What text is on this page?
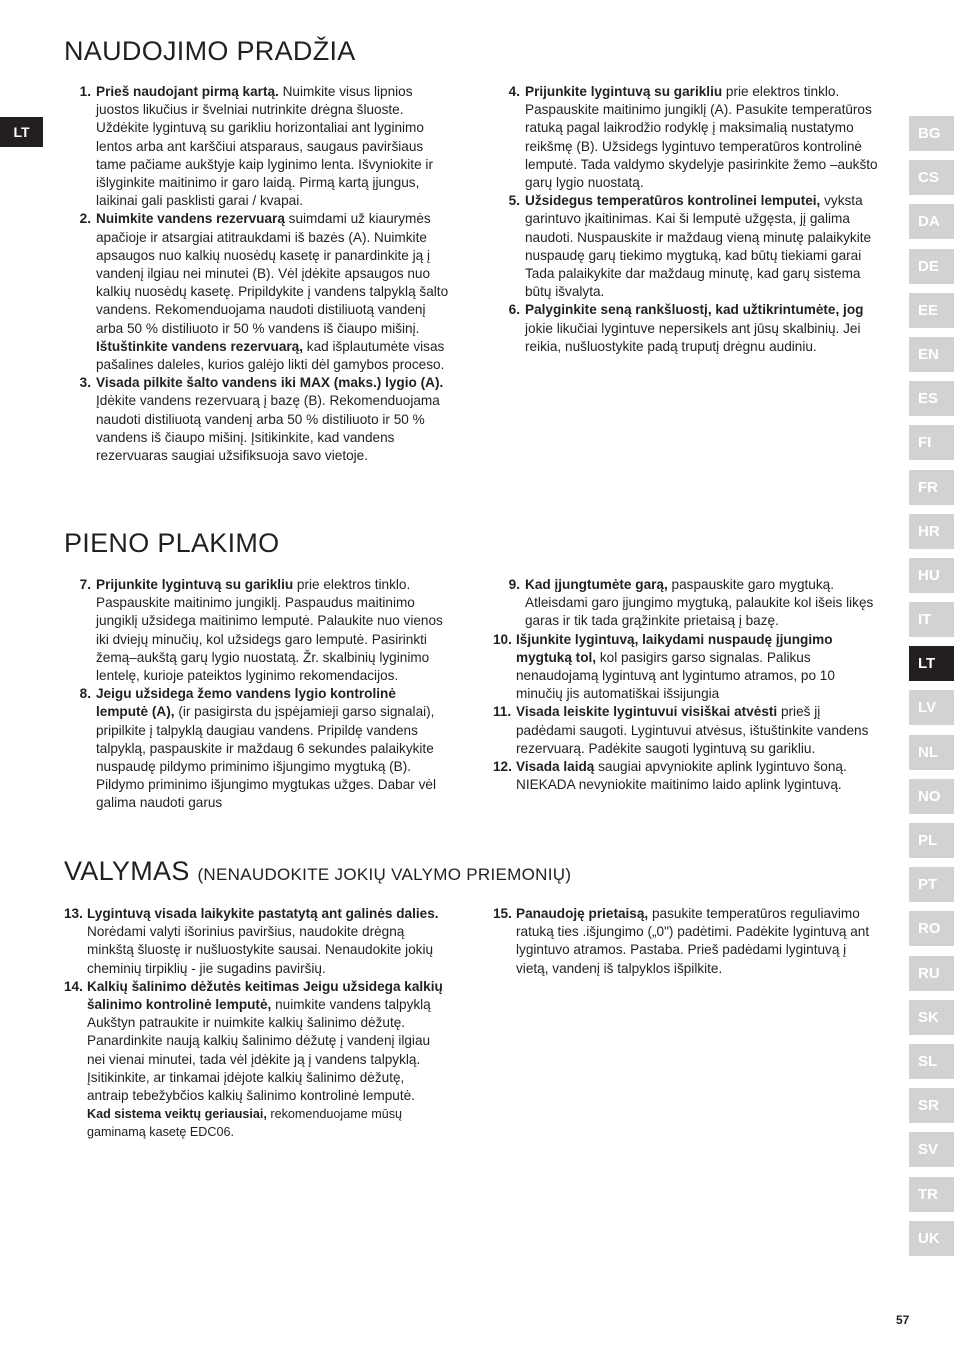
LT	BG
CS
DA
DE
EE
EN
ES
FI
FR
HR
HU
IT
LT
LV
NL
NO
PL
PT
RO
RU
SK
SL
SR
SV
TR
UK
NAUDOJIMO PRADŽIA
1. Prieš naudojant pirmą kartą. Nuimkite visus lipnios juostos likučius ir švelniai nutrinkite drėgna šluoste. Uždėkite lygintuvą su garikliu horizontaliai ant lyginimo lentos arba ant karščiui atsparaus, saugaus paviršiaus tame pačiame aukštyje kaip lyginimo lenta. Išvyniokite ir išlyginkite maitinimo ir garo laidą. Pirmą kartą įjungus, laikinai gali pasklisti garai / kvapai.
2. Nuimkite vandens rezervuarą suimdami už kiaurymės apačioje ir atsargiai atitraukdami iš bazės (A). Nuimkite apsaugos nuo kalkių nuosėdų kasetę ir panardinkite ją į vandenį ilgiau nei minutei (B). Vėl įdėkite apsaugos nuo kalkių nuosėdų kasetę. Pripildykite į vandens talpyklą šalto vandens. Rekomenduojama naudoti distiliuotą vandenį arba 50 % distiliuoto ir 50 % vandens iš čiaupo mišinį. Ištuštinkite vandens rezervuarą, kad išplautumėte visas pašalines daleles, kurios galėjo likti dėl gamybos proceso.
3. Visada pilkite šalto vandens iki MAX (maks.) lygio (A). Įdėkite vandens rezervuarą į bazę (B). Rekomenduojama naudoti distiliuotą vandenį arba 50 % distiliuoto ir 50 % vandens iš čiaupo mišinį. Įsitikinkite, kad vandens rezervuaras saugiai užsifiksuoja savo vietoje.
4. Prijunkite lygintuvą su garikliu prie elektros tinklo. Paspauskite maitinimo jungiklį (A). Pasukite temperatūros ratuką pagal laikrodžio rodyklę į maksimalią nustatymo reikšmę (B). Užsidegs lygintuvo temperatūros kontrolinė lemputė. Tada valdymo skydelyje pasirinkite žemo –aukšto garų lygio nuostatą.
5. Užsidegus temperatūros kontrolinei lemputei, vyksta garintuvo įkaitinimas. Kai ši lemputė užgęsta, jį galima naudoti. Nuspauskite ir maždaug vieną minutę palaikykite nuspaudę garų tiekimo mygtuką, kad būtų tiekiami garai Tada palaikykite dar maždaug minutę, kad garų sistema būtų išvalyta.
6. Palyginkite seną rankšluostį, kad užtikrintumėte, jog jokie likučiai lygintuve nepersikels ant jūsų skalbinių. Jei reikia, nušluostykite padą truputį drėgnu audiniu.
PIENO PLAKIMO
7. Prijunkite lygintuvą su garikliu prie elektros tinklo. Paspauskite maitinimo jungiklį. Paspaudus maitinimo jungiklį užsidega maitinimo lemputė. Palaukite nuo vienos iki dviejų minučių, kol užsidegs garo lemputė. Pasirinkti žemą–aukštą garų lygio nuostatą. Žr. skalbinių lyginimo lentelę, kurioje pateiktos lyginimo rekomendacijos.
8. Jeigu užsidega žemo vandens lygio kontrolinė lemputė (A), (ir pasigirsta du įspėjamieji garso signalai), pripilkite į talpyklą daugiau vandens. Pripildę vandens talpyklą, paspauskite ir maždaug 6 sekundes palaikykite nuspaudę pildymo priminimo išjungimo mygtuką (B). Pildymo priminimo išjungimo mygtukas užges. Dabar vėl galima naudoti garus
9. Kad įjungtumėte garą, paspauskite garo mygtuką. Atleisdami garo įjungimo mygtuką, palaukite kol išeis likęs garas ir tik tada grąžinkite prietaisą į bazę.
10. Išjunkite lygintuvą, laikydami nuspaudę įjungimo mygtuką tol, kol pasigirs garso signalas. Palikus nenaudojamą lygintuvą ant lygintumo atramos, po 10 minučių jis automatiškai išsijungia
11. Visada leiskite lygintuvui visiškai atvėsti prieš jį padėdami saugoti. Lygintuvui atvėsus, ištuštinkite vandens rezervuarą. Padėkite saugoti lygintuvą su garikliu.
12. Visada laidą saugiai apvyniokite aplink lygintuvo šoną. NIEKADA nevyniokite maitinimo laido aplink lygintuvą.
VALYMAS (NENAUDOKITE JOKIŲ VALYMO PRIEMONIŲ)
13. Lygintuvą visada laikykite pastatytą ant galinės dalies. Norėdami valyti išorinius paviršius, naudokite drėgną minkštą šluostę ir nušluostykite sausai. Nenaudokite jokių cheminių tirpiklių - jie sugadins paviršių.
14. Kalkių šalinimo dėžutės keitimas Jeigu užsidega kalkių šalinimo kontrolinė lemputė, nuimkite vandens talpyklą Aukštyn patraukite ir nuimkite kalkių šalinimo dėžutę. Panardinkite naują kalkių šalinimo dėžutę į vandenį ilgiau nei vienai minutei, tada vėl įdėkite ją į vandens talpyklą. Įsitikinkite, ar tinkamai įdėjote kalkių šalinimo dėžutę, antraip tebežybčios kalkių šalinimo kontrolinė lemputė.
Kad sistema veiktų geriausiai, rekomenduojame mūsų gaminamą kasetę EDC06.
15. Panaudoję prietaisą, pasukite temperatūros reguliavimo ratuką ties .išjungimo („0") padėtimi. Padėkite lygintuvą ant lygintuvo atramos. Pastaba. Prieš padėdami lygintuvą į vietą, vandenį iš talpyklos išpilkite.
57
